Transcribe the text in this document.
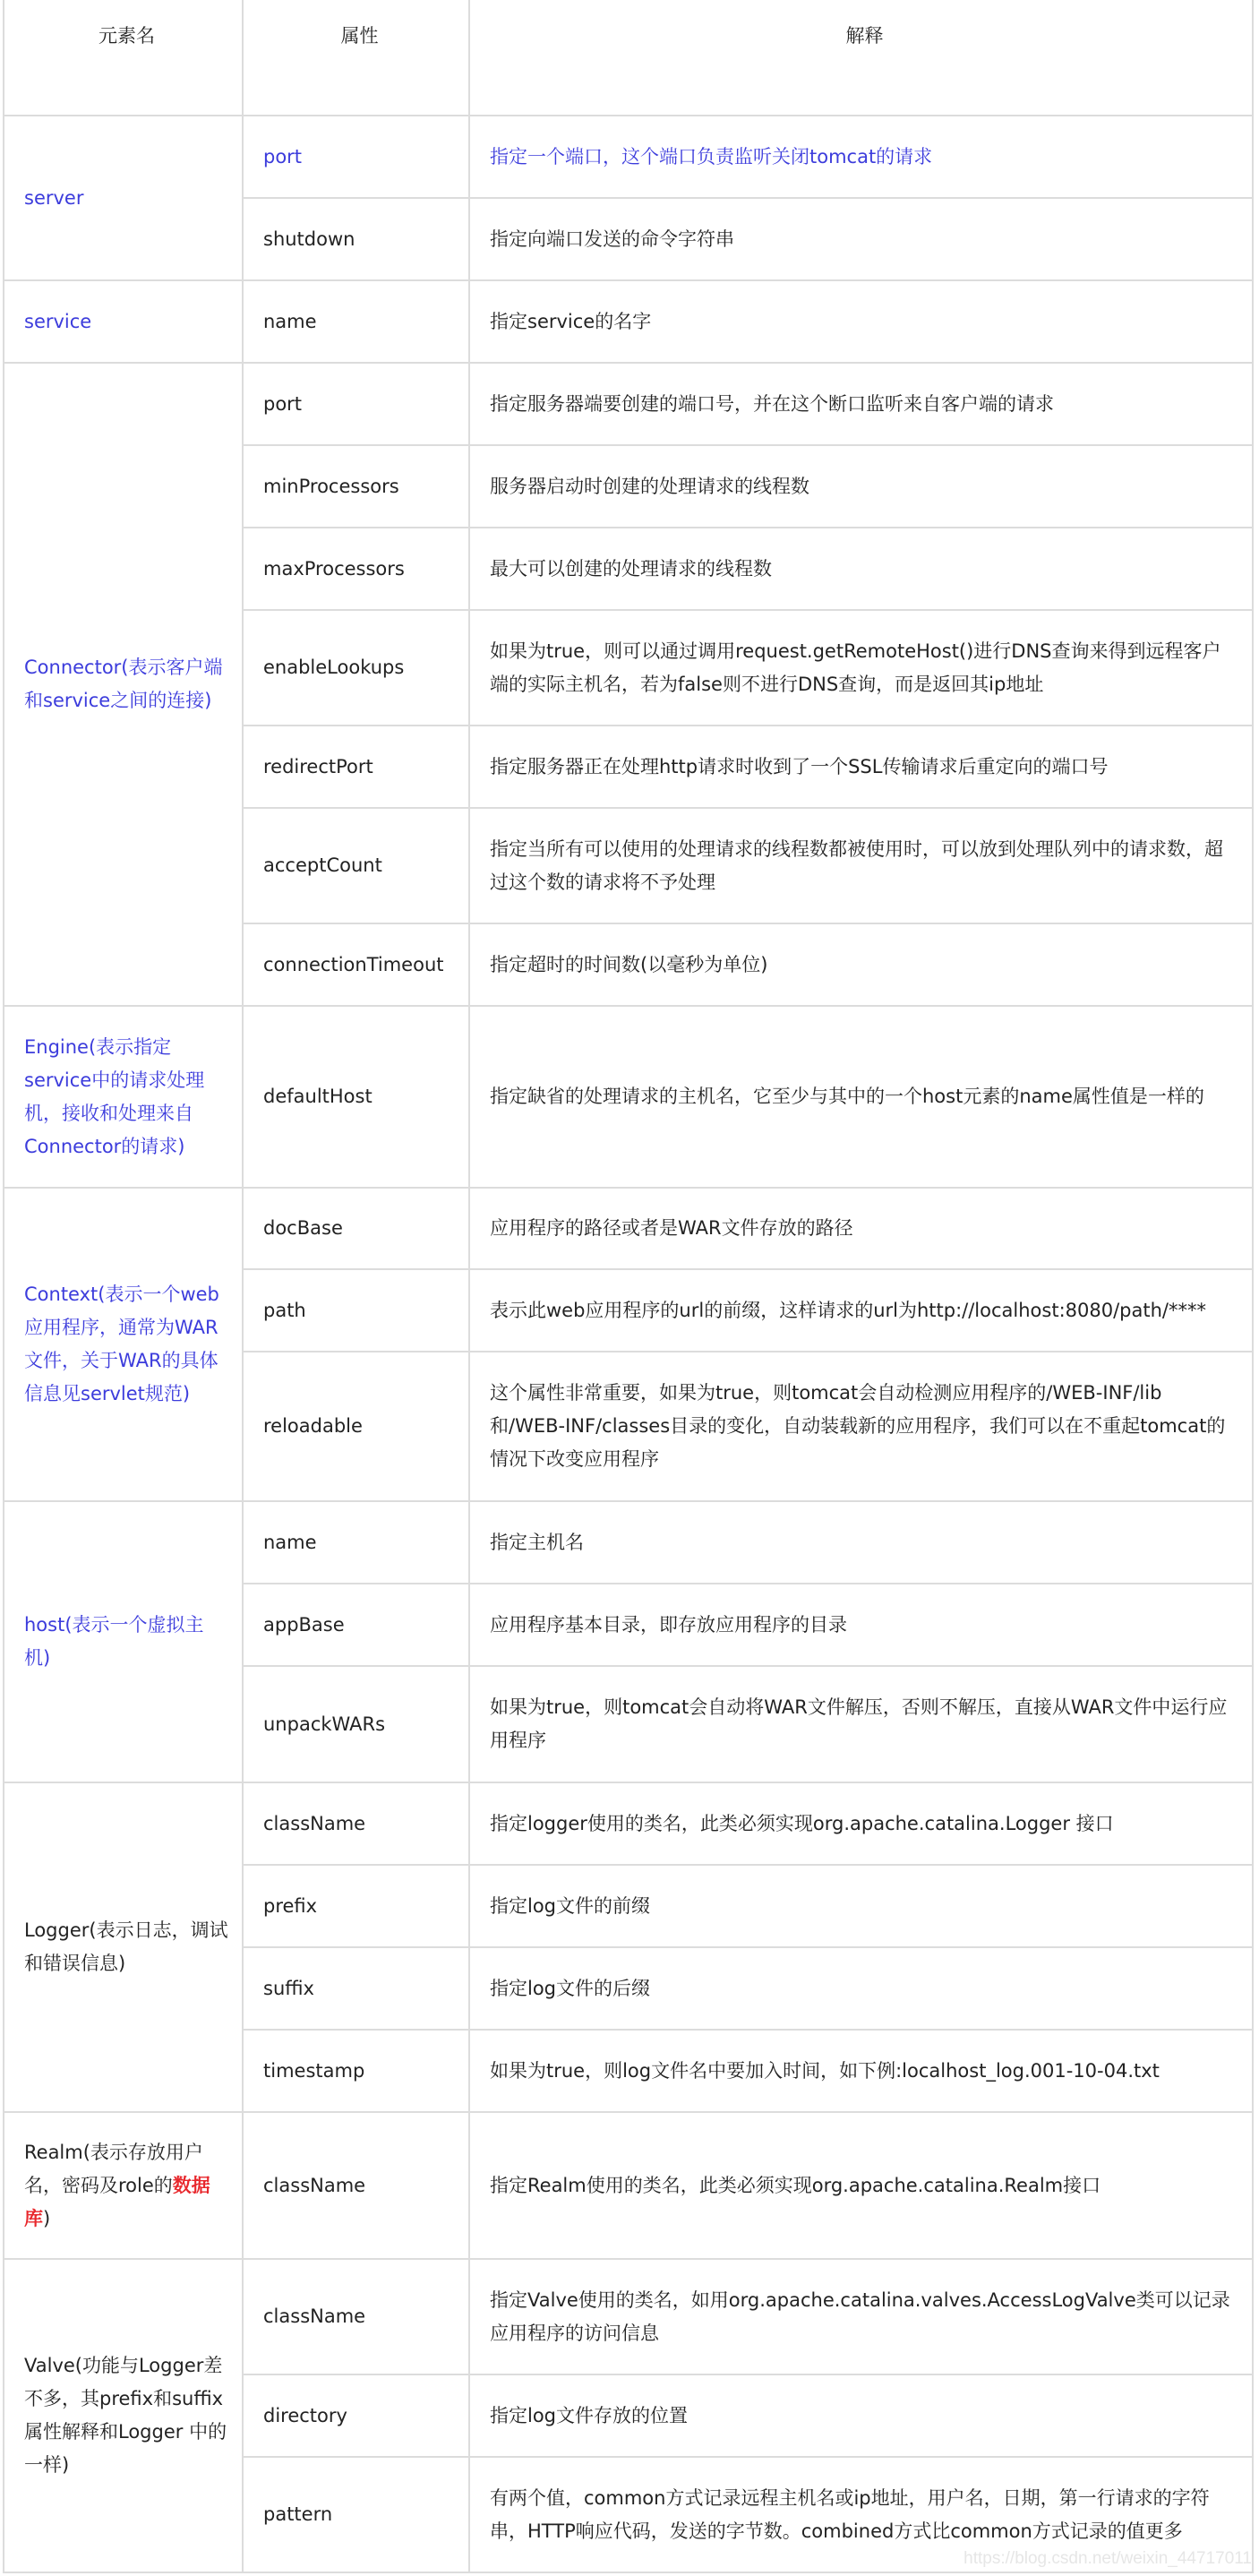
元素名	属性	解释
server	port	指定一个端口，这个端口负责监听关闭tomcat的请求
	shutdown	指定向端口发送的命令字符串
service	name	指定service的名字
Connector(表示客户端和service之间的连接)	port	指定服务器端要创建的端口号，并在这个断口监听来自客户端的请求
	minProcessors	服务器启动时创建的处理请求的线程数
	maxProcessors	最大可以创建的处理请求的线程数
	enableLookups	如果为true，则可以通过调用request.getRemoteHost()进行DNS查询来得到远程客户端的实际主机名，若为false则不进行DNS查询，而是返回其ip地址
	redirectPort	指定服务器正在处理http请求时收到了一个SSL传输请求后重定向的端口号
	acceptCount	指定当所有可以使用的处理请求的线程数都被使用时，可以放到处理队列中的请求数，超过这个数的请求将不予处理
	connectionTimeout	指定超时的时间数(以毫秒为单位)
Engine(表示指定service中的请求处理机，接收和处理来自Connector的请求)	defaultHost	指定缺省的处理请求的主机名，它至少与其中的一个host元素的name属性值是一样的
Context(表示一个web应用程序，通常为WAR文件，关于WAR的具体信息见servlet规范)	docBase	应用程序的路径或者是WAR文件存放的路径
	path	表示此web应用程序的url的前缀，这样请求的url为http://localhost:8080/path/****
	reloadable	这个属性非常重要，如果为true，则tomcat会自动检测应用程序的/WEB-INF/lib 和/WEB-INF/classes目录的变化，自动装载新的应用程序，我们可以在不重起tomcat的情况下改变应用程序
host(表示一个虚拟主机)	name	指定主机名
	appBase	应用程序基本目录，即存放应用程序的目录
	unpackWARs	如果为true，则tomcat会自动将WAR文件解压，否则不解压，直接从WAR文件中运行应用程序
Logger(表示日志，调试和错误信息)	className	指定logger使用的类名，此类必须实现org.apache.catalina.Logger 接口
	prefix	指定log文件的前缀
	suffix	指定log文件的后缀
	timestamp	如果为true，则log文件名中要加入时间，如下例:localhost_log.001-10-04.txt
Realm(表示存放用户名，密码及role的数据库)	className	指定Realm使用的类名，此类必须实现org.apache.catalina.Realm接口
Valve(功能与Logger差不多，其prefix和suffix属性解释和Logger 中的一样)	className	指定Valve使用的类名，如用org.apache.catalina.valves.AccessLogValve类可以记录应用程序的访问信息
	directory	指定log文件存放的位置
	pattern	有两个值，common方式记录远程主机名或ip地址，用户名，日期，第一行请求的字符串，HTTP响应代码，发送的字节数。combined方式比common方式记录的值更多
https://blog.csdn.net/weixin_44717011
